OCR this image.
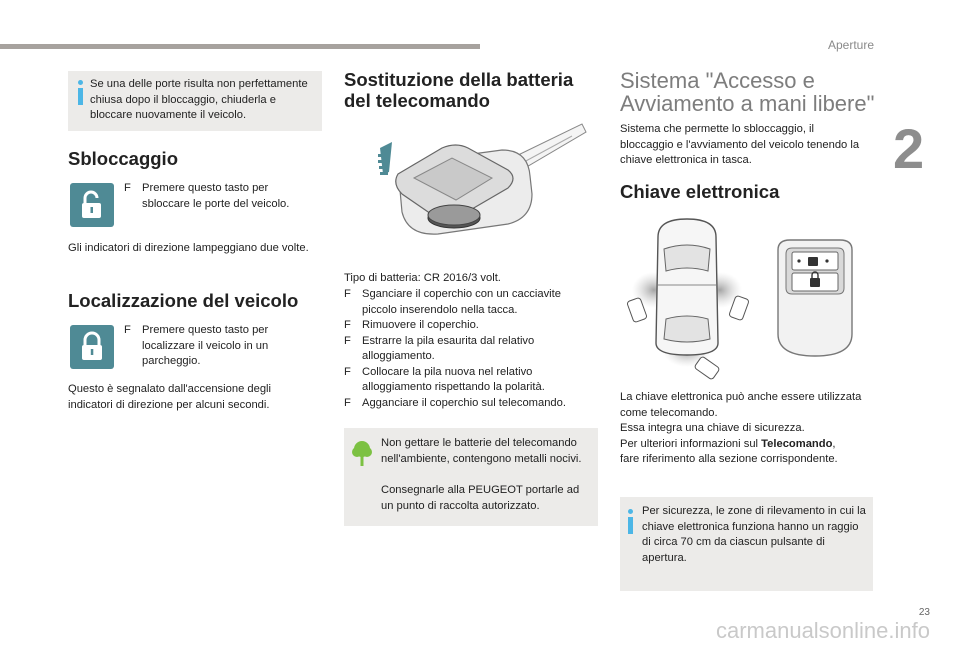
Aperture
2
23
carmanualsonline.info

Se una delle porte risulta non perfettamente chiusa dopo il bloccaggio, chiuderla e bloccare nuovamente il veicolo.

Sbloccaggio
F Premere questo tasto per sbloccare le porte del veicolo.

Gli indicatori di direzione lampeggiano due volte.

Localizzazione del veicolo
F Premere questo tasto per localizzare il veicolo in un parcheggio.

Questo è segnalato dall'accensione degli indicatori di direzione per alcuni secondi.

Sostituzione della batteria del telecomando

Tipo di batteria: CR 2016/3 volt.

F Sganciare il coperchio con un cacciavite piccolo inserendolo nella tacca.
F Rimuovere il coperchio.
F Estrarre la pila esaurita dal relativo alloggiamento.
F Collocare la pila nuova nel relativo alloggiamento rispettando la polarità.
F Agganciare il coperchio sul telecomando.

Non gettare le batterie del telecomando nell'ambiente, contengono metalli nocivi.

Consegnarle alla PEUGEOT portarle ad un punto di raccolta autorizzato.

Sistema "Accesso e Avviamento a mani libere"

Sistema che permette lo sbloccaggio, il bloccaggio e l'avviamento del veicolo tenendo la chiave elettronica in tasca.

Chiave elettronica

La chiave elettronica può anche essere utilizzata come telecomando.

Essa integra una chiave di sicurezza.

Per ulteriori informazioni sul Telecomando,

fare riferimento alla sezione corrispondente.

Per sicurezza, le zone di rilevamento in cui la chiave elettronica funziona hanno un raggio di circa 70 cm da ciascun pulsante di apertura.
